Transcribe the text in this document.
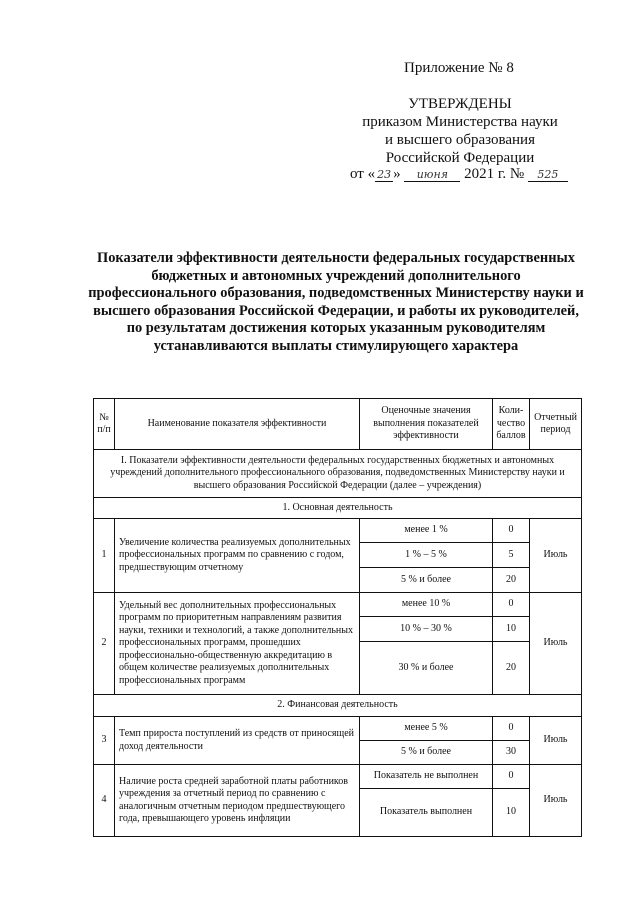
Приложение № 8
УТВЕРЖДЕНЫ
приказом Министерства науки
и высшего образования
Российской Федерации
от « 23 » июня 2021 г. № 525
Показатели эффективности деятельности федеральных государственных бюджетных и автономных учреждений дополнительного профессионального образования, подведомственных Министерству науки и высшего образования Российской Федерации, и работы их руководителей, по результатам достижения которых указанным руководителям устанавливаются выплаты стимулирующего характера
№ п/п	Наименование показателя эффективности	Оценочные значения выполнения показателей эффективности	Коли-чество баллов	Отчетный период
I. Показатели эффективности деятельности федеральных государственных бюджетных и автономных учреждений дополнительного профессионального образования, подведомственных Министерству науки и высшего образования Российской Федерации (далее – учреждения)				
1. Основная деятельность				
1	Увеличение количества реализуемых дополнительных профессиональных программ по сравнению с годом, предшествующим отчетному	менее 1 %	0	Июль
		1 % – 5 %	5	
		5 % и более	20	
2	Удельный вес дополнительных профессиональных программ по приоритетным направлениям развития науки, техники и технологий, а также дополнительных профессиональных программ, прошедших профессионально-общественную аккредитацию в общем количестве реализуемых дополнительных профессиональных программ	менее 10 %	0	Июль
		10 % – 30 %	10	
		30 % и более	20	
2. Финансовая деятельность				
3	Темп прироста поступлений из средств от приносящей доход деятельности	менее 5 %	0	Июль
		5 % и более	30	
4	Наличие роста средней заработной платы работников учреждения за отчетный период по сравнению с аналогичным отчетным периодом предшествующего года, превышающего уровень инфляции	Показатель не выполнен	0	Июль
		Показатель выполнен	10	
